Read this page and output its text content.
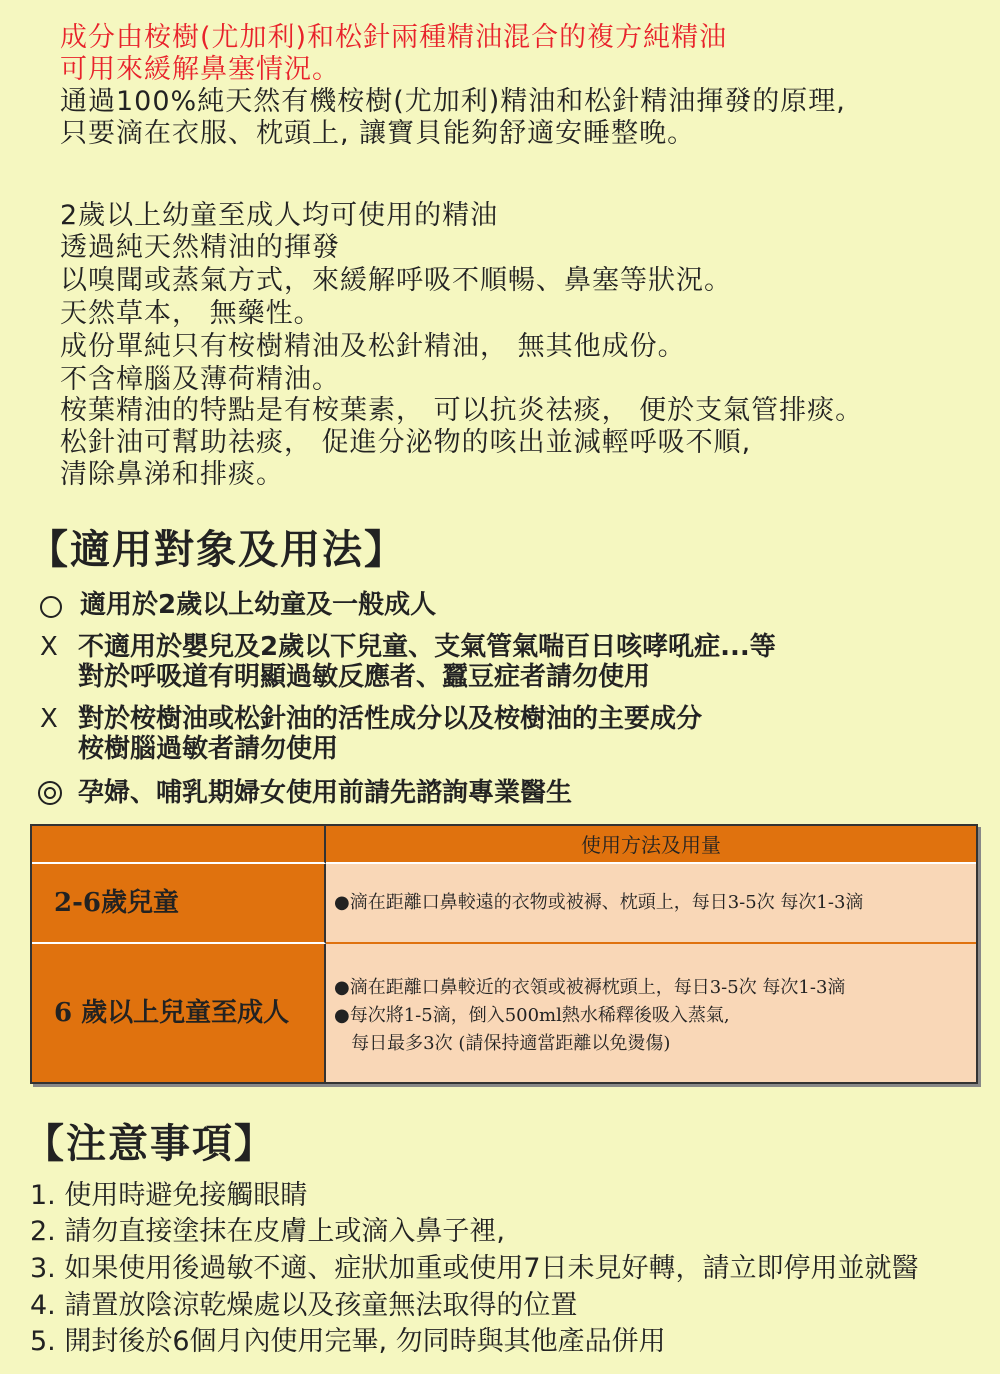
成分由桉樹(尤加利)和松針兩種精油混合的複方純精油
可用來緩解鼻塞情況。
通過100%純天然有機桉樹(尤加利)精油和松針精油揮發的原理,
只要滴在衣服、枕頭上, 讓寶貝能夠舒適安睡整晚。
2歲以上幼童至成人均可使用的精油
透過純天然精油的揮發
以嗅聞或蒸氣方式，來緩解呼吸不順暢、鼻塞等狀況。
天然草本， 無藥性。
成份單純只有桉樹精油及松針精油， 無其他成份。
不含樟腦及薄荷精油。
桉葉精油的特點是有桉葉素， 可以抗炎祛痰， 便於支氣管排痰。
松針油可幫助祛痰， 促進分泌物的咳出並減輕呼吸不順,
清除鼻涕和排痰。
【適用對象及用法】
適用於2歲以上幼童及一般成人
X 不適用於嬰兒及2歲以下兒童、支氣管氣喘百日咳哮吼症...等
對於呼吸道有明顯過敏反應者、蠶豆症者請勿使用
X 對於桉樹油或松針油的活性成分以及桉樹油的主要成分
桉樹腦過敏者請勿使用
孕婦、哺乳期婦女使用前請先諮詢專業醫生
使用方法及用量
2-6歲兒童	●滴在距離口鼻較遠的衣物或被褥、枕頭上，每日3-5次 每次1-3滴
6 歲以上兒童至成人
●滴在距離口鼻較近的衣領或被褥枕頭上，每日3-5次 每次1-3滴
●每次將1-5滴，倒入500ml熱水稀釋後吸入蒸氣,
每日最多3次 (請保持適當距離以免燙傷)
【注意事項】
1. 使用時避免接觸眼睛
2. 請勿直接塗抹在皮膚上或滴入鼻子裡,
3. 如果使用後過敏不適、症狀加重或使用7日未見好轉，請立即停用並就醫
4. 請置放陰涼乾燥處以及孩童無法取得的位置
5. 開封後於6個月內使用完畢, 勿同時與其他產品併用
